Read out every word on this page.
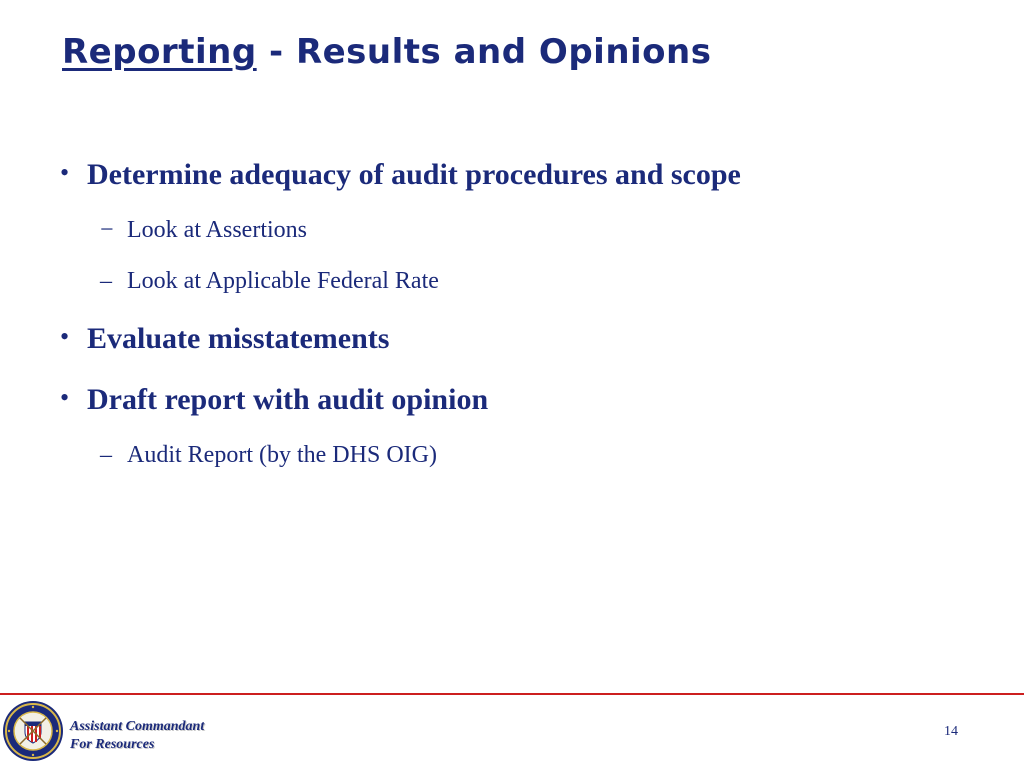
Reporting - Results and Opinions
• Determine adequacy of audit procedures and scope
− Look at Assertions
– Look at Applicable Federal Rate
• Evaluate misstatements
• Draft report with audit opinion
– Audit Report (by the DHS OIG)
Assistant Commandant
For Resources
14
